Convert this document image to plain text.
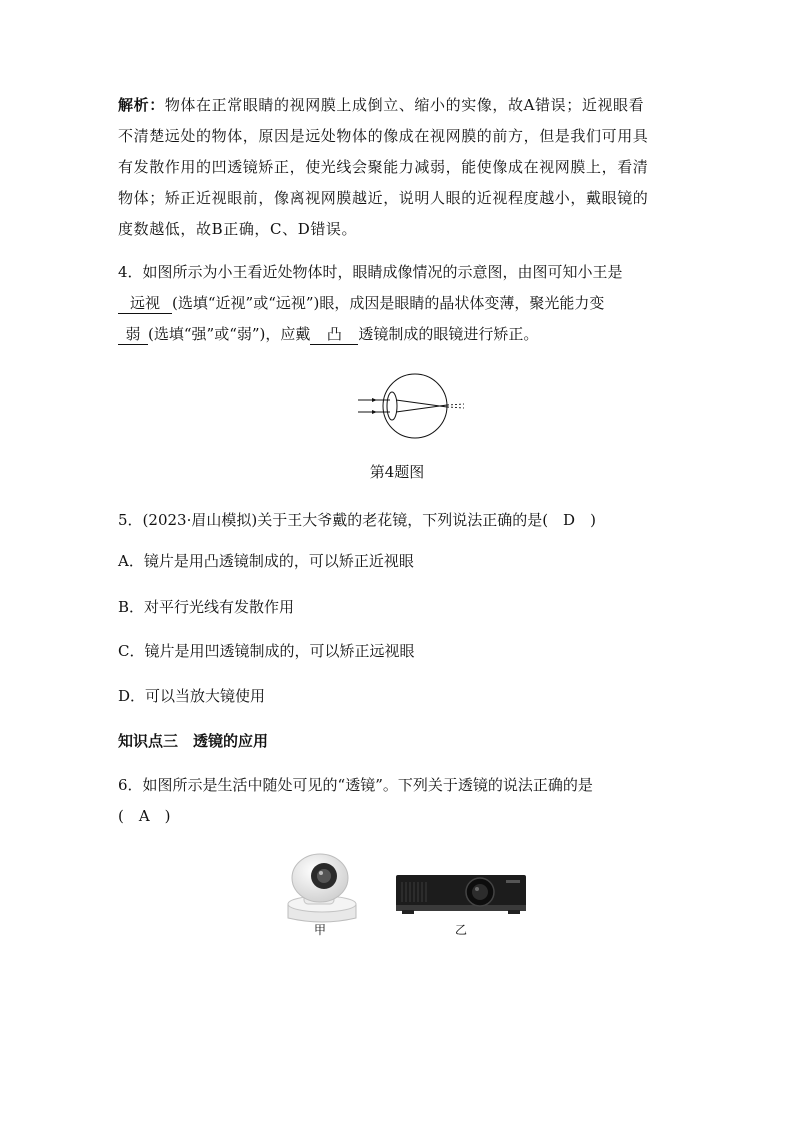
解析：物体在正常眼睛的视网膜上成倒立、缩小的实像，故A错误；近视眼看
不清楚远处的物体，原因是远处物体的像成在视网膜的前方，但是我们可用具
有发散作用的凹透镜矫正，使光线会聚能力减弱，能使像成在视网膜上，看清
物体；矫正近视眼前，像离视网膜越近，说明人眼的近视程度越小，戴眼镜的
度数越低，故B正确，C、D错误。
4．如图所示为小王看近处物体时，眼睛成像情况的示意图，由图可知小王是
远视 (选填“近视”或“远视”)眼，成因是眼睛的晶状体变薄，聚光能力变
弱 (选填“强”或“弱”)，应戴 凸 透镜制成的眼镜进行矫正。
第4题图
5．(2023·眉山模拟)关于王大爷戴的老花镜，下列说法正确的是(　D　)
A．镜片是用凸透镜制成的，可以矫正近视眼
B．对平行光线有发散作用
C．镜片是用凹透镜制成的，可以矫正远视眼
D．可以当放大镜使用
知识点三　透镜的应用
6．如图所示是生活中随处可见的“透镜”。下列关于透镜的说法正确的是
(　A　)
甲	乙
